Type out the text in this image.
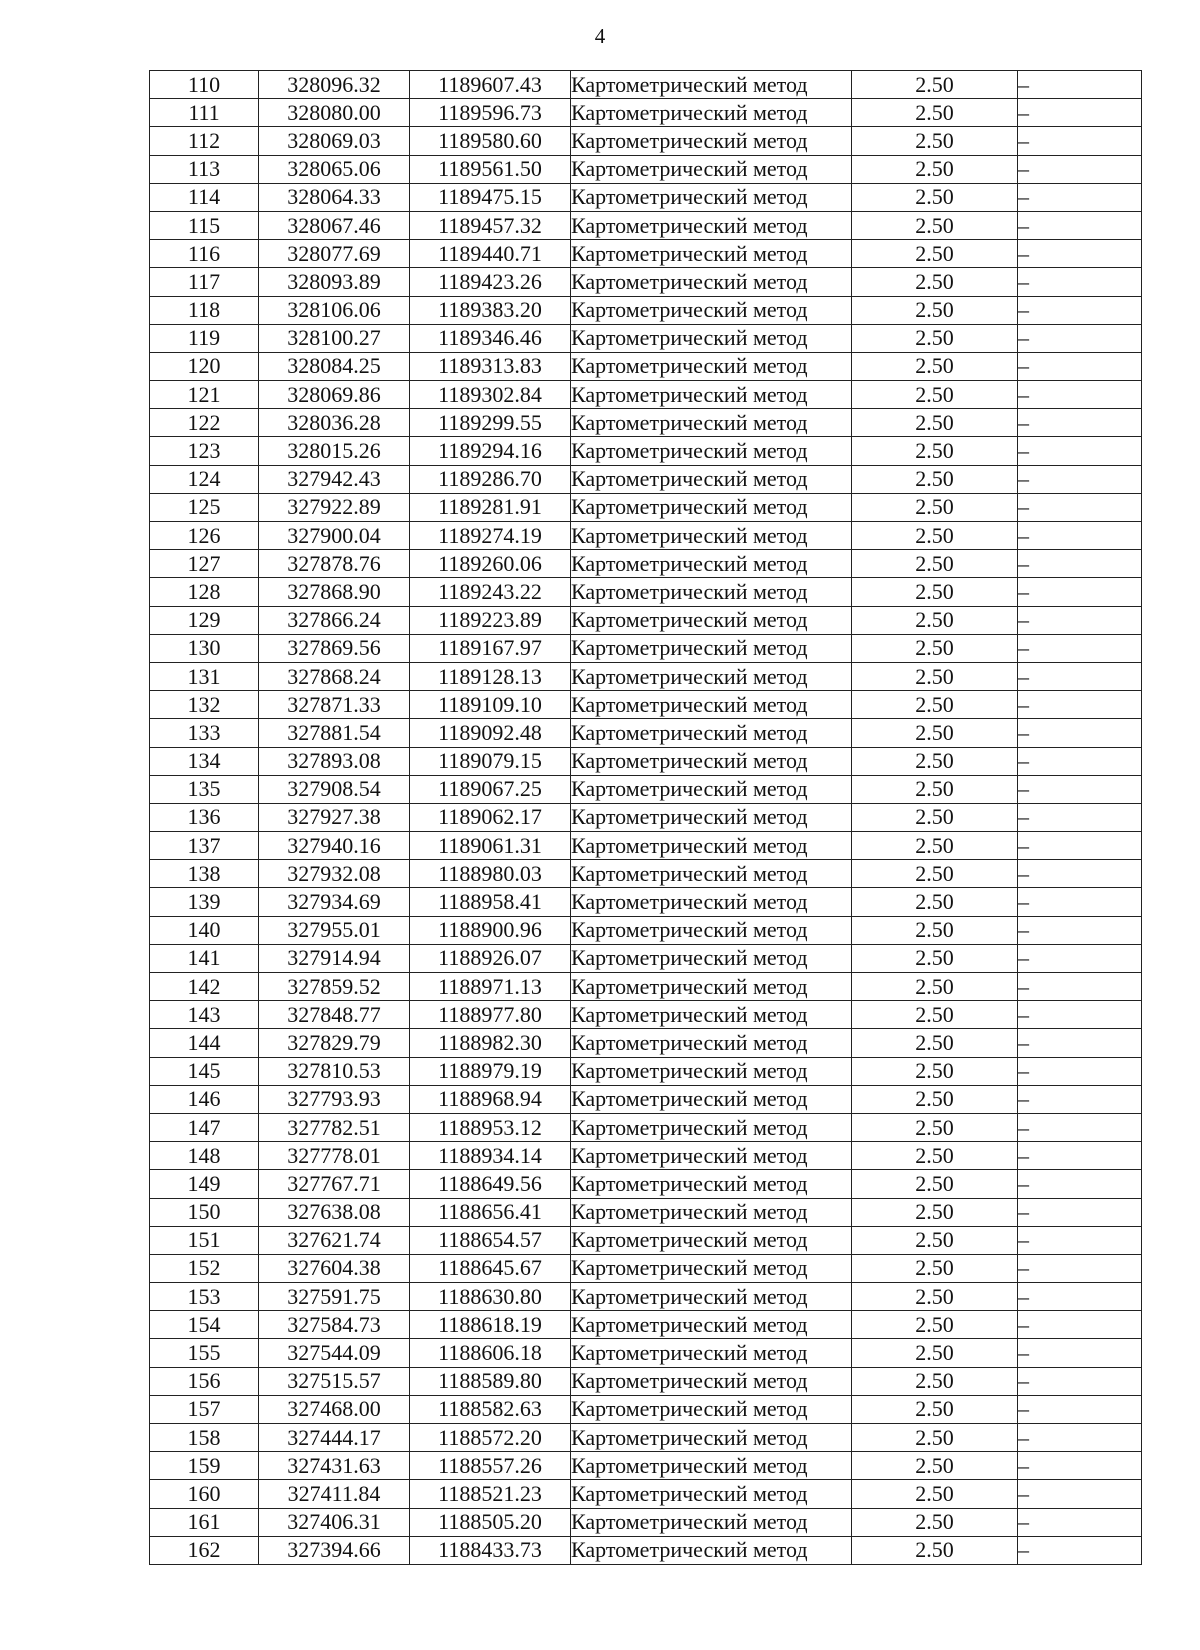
4
110	328096.32	1189607.43	Картометрический метод	2.50	–
111	328080.00	1189596.73	Картометрический метод	2.50	–
112	328069.03	1189580.60	Картометрический метод	2.50	–
113	328065.06	1189561.50	Картометрический метод	2.50	–
114	328064.33	1189475.15	Картометрический метод	2.50	–
115	328067.46	1189457.32	Картометрический метод	2.50	–
116	328077.69	1189440.71	Картометрический метод	2.50	–
117	328093.89	1189423.26	Картометрический метод	2.50	–
118	328106.06	1189383.20	Картометрический метод	2.50	–
119	328100.27	1189346.46	Картометрический метод	2.50	–
120	328084.25	1189313.83	Картометрический метод	2.50	–
121	328069.86	1189302.84	Картометрический метод	2.50	–
122	328036.28	1189299.55	Картометрический метод	2.50	–
123	328015.26	1189294.16	Картометрический метод	2.50	–
124	327942.43	1189286.70	Картометрический метод	2.50	–
125	327922.89	1189281.91	Картометрический метод	2.50	–
126	327900.04	1189274.19	Картометрический метод	2.50	–
127	327878.76	1189260.06	Картометрический метод	2.50	–
128	327868.90	1189243.22	Картометрический метод	2.50	–
129	327866.24	1189223.89	Картометрический метод	2.50	–
130	327869.56	1189167.97	Картометрический метод	2.50	–
131	327868.24	1189128.13	Картометрический метод	2.50	–
132	327871.33	1189109.10	Картометрический метод	2.50	–
133	327881.54	1189092.48	Картометрический метод	2.50	–
134	327893.08	1189079.15	Картометрический метод	2.50	–
135	327908.54	1189067.25	Картометрический метод	2.50	–
136	327927.38	1189062.17	Картометрический метод	2.50	–
137	327940.16	1189061.31	Картометрический метод	2.50	–
138	327932.08	1188980.03	Картометрический метод	2.50	–
139	327934.69	1188958.41	Картометрический метод	2.50	–
140	327955.01	1188900.96	Картометрический метод	2.50	–
141	327914.94	1188926.07	Картометрический метод	2.50	–
142	327859.52	1188971.13	Картометрический метод	2.50	–
143	327848.77	1188977.80	Картометрический метод	2.50	–
144	327829.79	1188982.30	Картометрический метод	2.50	–
145	327810.53	1188979.19	Картометрический метод	2.50	–
146	327793.93	1188968.94	Картометрический метод	2.50	–
147	327782.51	1188953.12	Картометрический метод	2.50	–
148	327778.01	1188934.14	Картометрический метод	2.50	–
149	327767.71	1188649.56	Картометрический метод	2.50	–
150	327638.08	1188656.41	Картометрический метод	2.50	–
151	327621.74	1188654.57	Картометрический метод	2.50	–
152	327604.38	1188645.67	Картометрический метод	2.50	–
153	327591.75	1188630.80	Картометрический метод	2.50	–
154	327584.73	1188618.19	Картометрический метод	2.50	–
155	327544.09	1188606.18	Картометрический метод	2.50	–
156	327515.57	1188589.80	Картометрический метод	2.50	–
157	327468.00	1188582.63	Картометрический метод	2.50	–
158	327444.17	1188572.20	Картометрический метод	2.50	–
159	327431.63	1188557.26	Картометрический метод	2.50	–
160	327411.84	1188521.23	Картометрический метод	2.50	–
161	327406.31	1188505.20	Картометрический метод	2.50	–
162	327394.66	1188433.73	Картометрический метод	2.50	–
